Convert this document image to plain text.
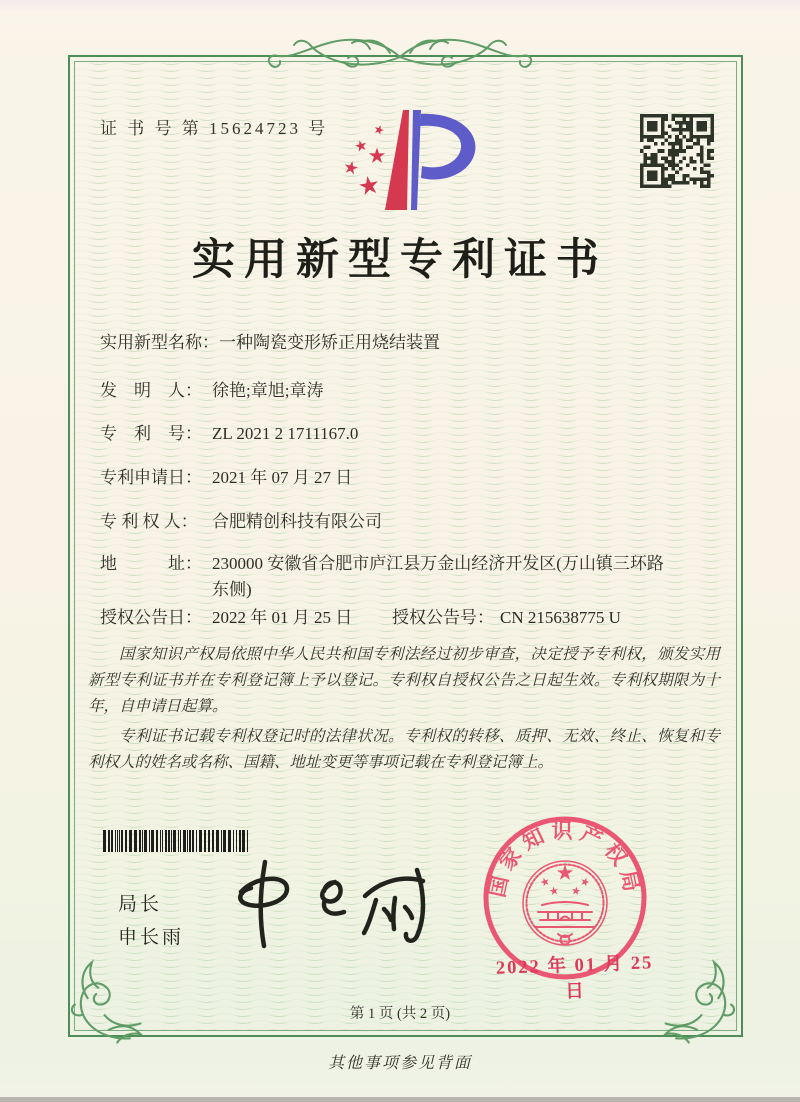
证 书 号 第 15624723 号
实用新型专利证书
实用新型名称：一种陶瓷变形矫正用烧结装置
发　明　人： 徐艳;章旭;章涛
专　利　号： ZL 2021 2 1711167.0
专利申请日： 2021 年 07 月 27 日
专 利 权 人： 合肥精创科技有限公司
地　　　址： 230000 安徽省合肥市庐江县万金山经济开发区(万山镇三环路东侧)
授权公告日： 2022 年 01 月 25 日 授权公告号： CN 215638775 U

国家知识产权局依照中华人民共和国专利法经过初步审查，决定授予专利权，颁发实用新型专利证书并在专利登记簿上予以登记。专利权自授权公告之日起生效。专利权期限为十年，自申请日起算。

专利证书记载专利权登记时的法律状况。专利权的转移、质押、无效、终止、恢复和专利权人的姓名或名称、国籍、地址变更等事项记载在专利登记簿上。

局长
申长雨
国家知识产权局
2022 年 01 月 25 日
第 1 页 (共 2 页)
其他事项参见背面
